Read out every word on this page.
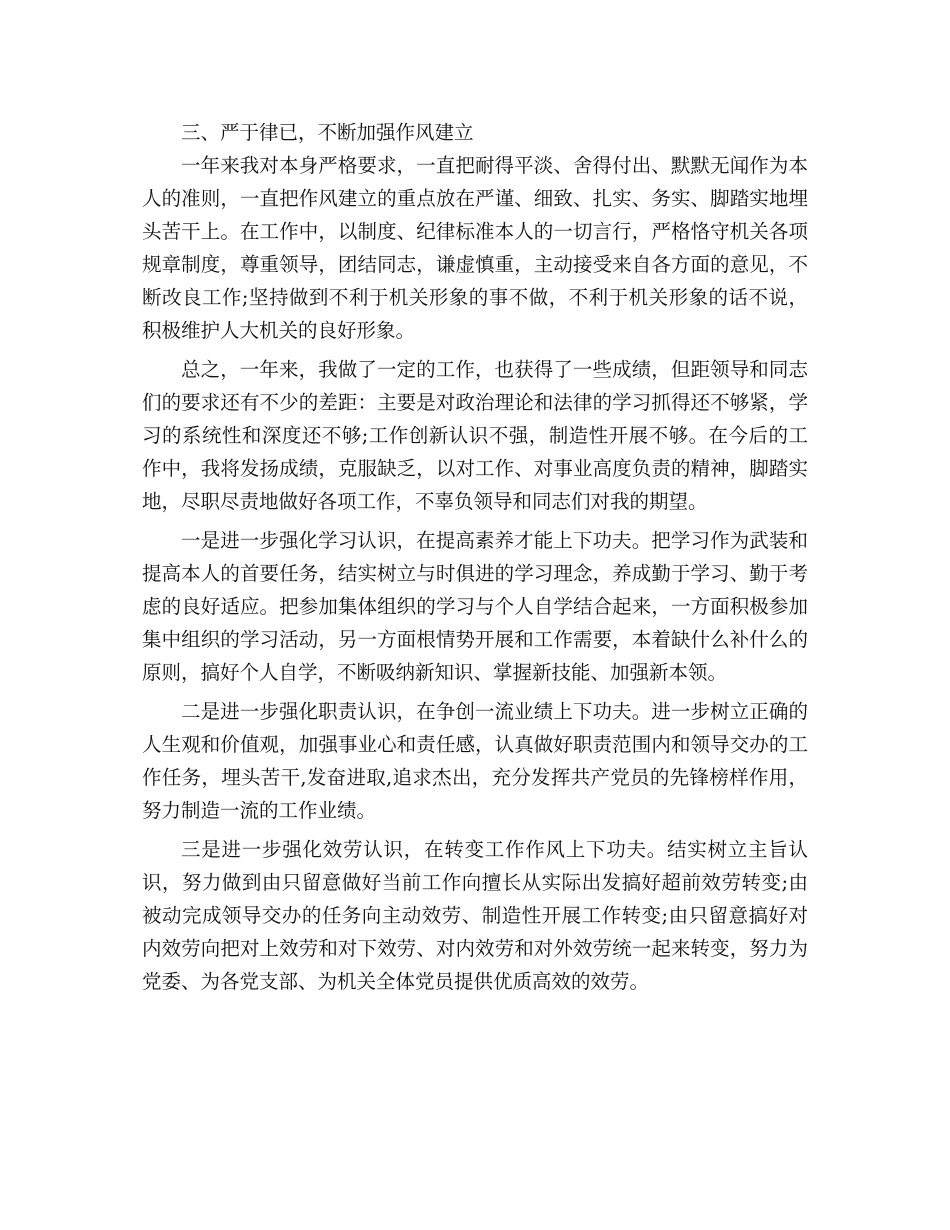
三、严于律已，不断加强作风建立

一年来我对本身严格要求，一直把耐得平淡、舍得付出、默默无闻作为本人的准则，一直把作风建立的重点放在严谨、细致、扎实、务实、脚踏实地埋头苦干上。在工作中，以制度、纪律标准本人的一切言行，严格恪守机关各项规章制度，尊重领导，团结同志，谦虚慎重，主动接受来自各方面的意见，不断改良工作;坚持做到不利于机关形象的事不做，不利于机关形象的话不说，积极维护人大机关的良好形象。

总之，一年来，我做了一定的工作，也获得了一些成绩，但距领导和同志们的要求还有不少的差距：主要是对政治理论和法律的学习抓得还不够紧，学习的系统性和深度还不够;工作创新认识不强，制造性开展不够。在今后的工作中，我将发扬成绩，克服缺乏，以对工作、对事业高度负责的精神，脚踏实地，尽职尽责地做好各项工作，不辜负领导和同志们对我的期望。

一是进一步强化学习认识，在提高素养才能上下功夫。把学习作为武装和提高本人的首要任务，结实树立与时俱进的学习理念，养成勤于学习、勤于考虑的良好适应。把参加集体组织的学习与个人自学结合起来，一方面积极参加集中组织的学习活动，另一方面根情势开展和工作需要，本着缺什么补什么的原则，搞好个人自学，不断吸纳新知识、掌握新技能、加强新本领。

二是进一步强化职责认识，在争创一流业绩上下功夫。进一步树立正确的人生观和价值观，加强事业心和责任感，认真做好职责范围内和领导交办的工作任务，埋头苦干,发奋进取,追求杰出，充分发挥共产党员的先锋榜样作用，努力制造一流的工作业绩。

三是进一步强化效劳认识，在转变工作作风上下功夫。结实树立主旨认识，努力做到由只留意做好当前工作向擅长从实际出发搞好超前效劳转变;由被动完成领导交办的任务向主动效劳、制造性开展工作转变;由只留意搞好对内效劳向把对上效劳和对下效劳、对内效劳和对外效劳统一起来转变，努力为党委、为各党支部、为机关全体党员提供优质高效的效劳。
